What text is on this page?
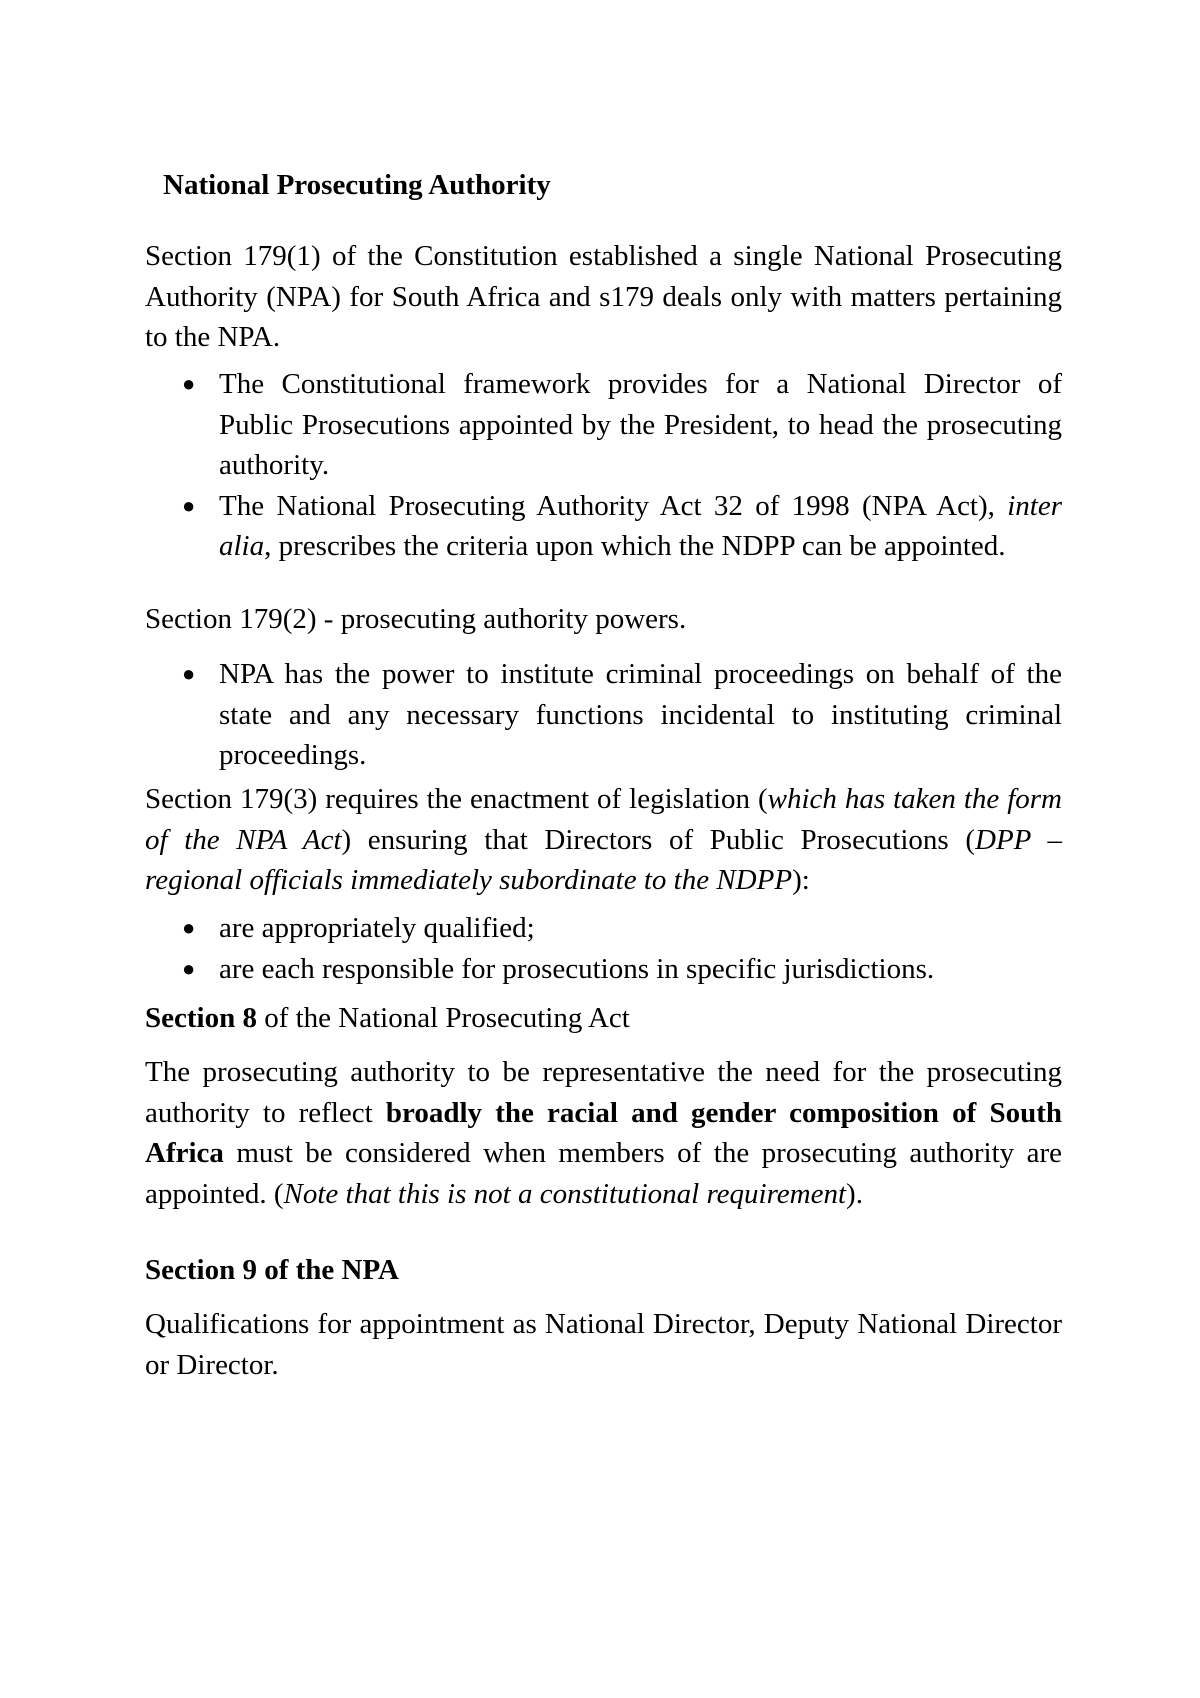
National Prosecuting Authority

Section 179(1) of the Constitution established a single National Prosecuting Authority (NPA) for South Africa and s179 deals only with matters pertaining to the NPA.

● The Constitutional framework provides for a National Director of Public Prosecutions appointed by the President, to head the prosecuting authority.
● The National Prosecuting Authority Act 32 of 1998 (NPA Act), inter alia, prescribes the criteria upon which the NDPP can be appointed.

Section 179(2) - prosecuting authority powers.

● NPA has the power to institute criminal proceedings on behalf of the state and any necessary functions incidental to instituting criminal proceedings.

Section 179(3) requires the enactment of legislation (which has taken the form of the NPA Act) ensuring that Directors of Public Prosecutions (DPP – regional officials immediately subordinate to the NDPP):

● are appropriately qualified;
● are each responsible for prosecutions in specific jurisdictions.

Section 8 of the National Prosecuting Act

The prosecuting authority to be representative the need for the prosecuting authority to reflect broadly the racial and gender composition of South Africa must be considered when members of the prosecuting authority are appointed. (Note that this is not a constitutional requirement).

Section 9 of the NPA

Qualifications for appointment as National Director, Deputy National Director or Director.
